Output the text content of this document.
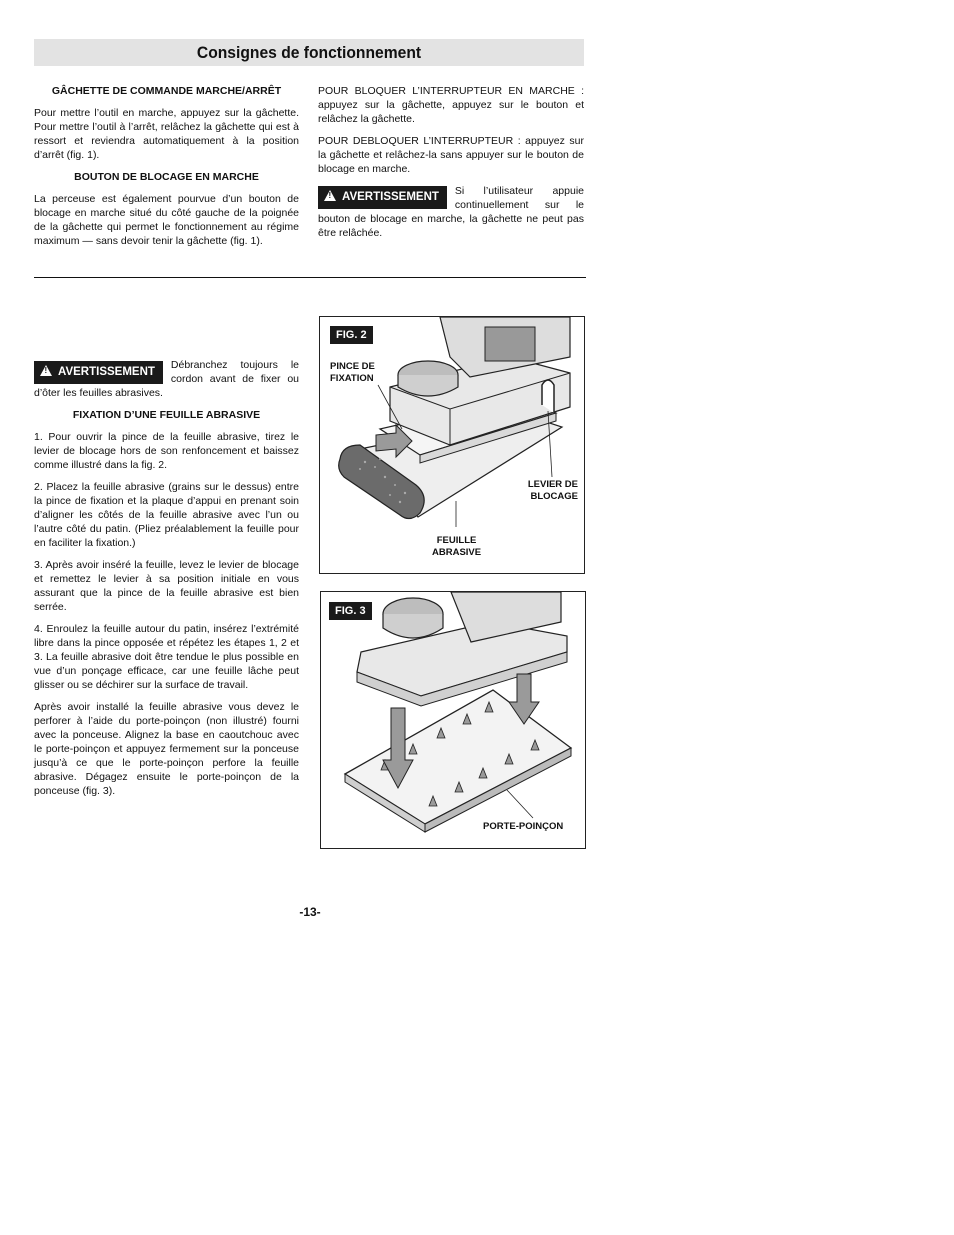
Consignes de fonctionnement

GÂCHETTE DE COMMANDE MARCHE/ARRÊT

Pour mettre l’outil en marche, appuyez sur la gâchette. Pour mettre l’outil à l’arrêt, relâchez la gâchette qui est à ressort et reviendra automatiquement à la position d’arrêt (fig. 1).

BOUTON DE BLOCAGE EN MARCHE

La perceuse est également pourvue d’un bouton de blocage en marche situé du côté gauche de la poignée de la gâchette qui permet le fonctionnement au régime maximum — sans devoir tenir la gâchette (fig. 1).

POUR BLOQUER L’INTERRUPTEUR EN MARCHE : appuyez sur la gâchette, appuyez sur le bouton et relâchez la gâchette.

POUR DEBLOQUER L’INTERRUPTEUR : appuyez sur la gâchette et relâchez-la sans appuyer sur le bouton de blocage en marche.

! AVERTISSEMENT	Si l’utilisateur appuie continuellement sur le bouton de blocage en marche, la gâchette ne peut pas être relâchée.
! AVERTISSEMENT
Débranchez toujours le cordon avant de fixer ou d’ôter les feuilles abrasives.

FIXATION D’UNE FEUILLE ABRASIVE

1. Pour ouvrir la pince de la feuille abrasive, tirez le levier de blocage hors de son renfoncement et baissez comme illustré dans la fig. 2.

2. Placez la feuille abrasive (grains sur le dessus) entre la pince de fixation et la plaque d’appui en prenant soin d’aligner les côtés de la feuille abrasive avec l’un ou l’autre côté du patin. (Pliez préalablement la feuille pour en faciliter la fixation.)

3. Après avoir inséré la feuille, levez le levier de blocage et remettez le levier à sa position initiale en vous assurant que la pince de la feuille abrasive est bien serrée.

4. Enroulez la feuille autour du patin, insérez l’extrémité libre dans la pince opposée et répétez les étapes 1, 2 et 3. La feuille abrasive doit être tendue le plus possible en vue d’un ponçage efficace, car une feuille lâche peut glisser ou se déchirer sur la surface de travail.

Après avoir installé la feuille abrasive vous devez le perforer à l’aide du porte-poinçon (non illustré) fourni avec la ponceuse. Alignez la base en caoutchouc avec le porte-poinçon et appuyez fermement sur la ponceuse jusqu’à ce que le porte-poinçon perfore la feuille abrasive. Dégagez ensuite le porte-poinçon de la ponceuse (fig. 3).

FIG. 2
PINCE DE
FIXATION
LEVIER DE
BLOCAGE
FEUILLE
ABRASIVE
FIG. 3
PORTE-POINÇON
-13-
